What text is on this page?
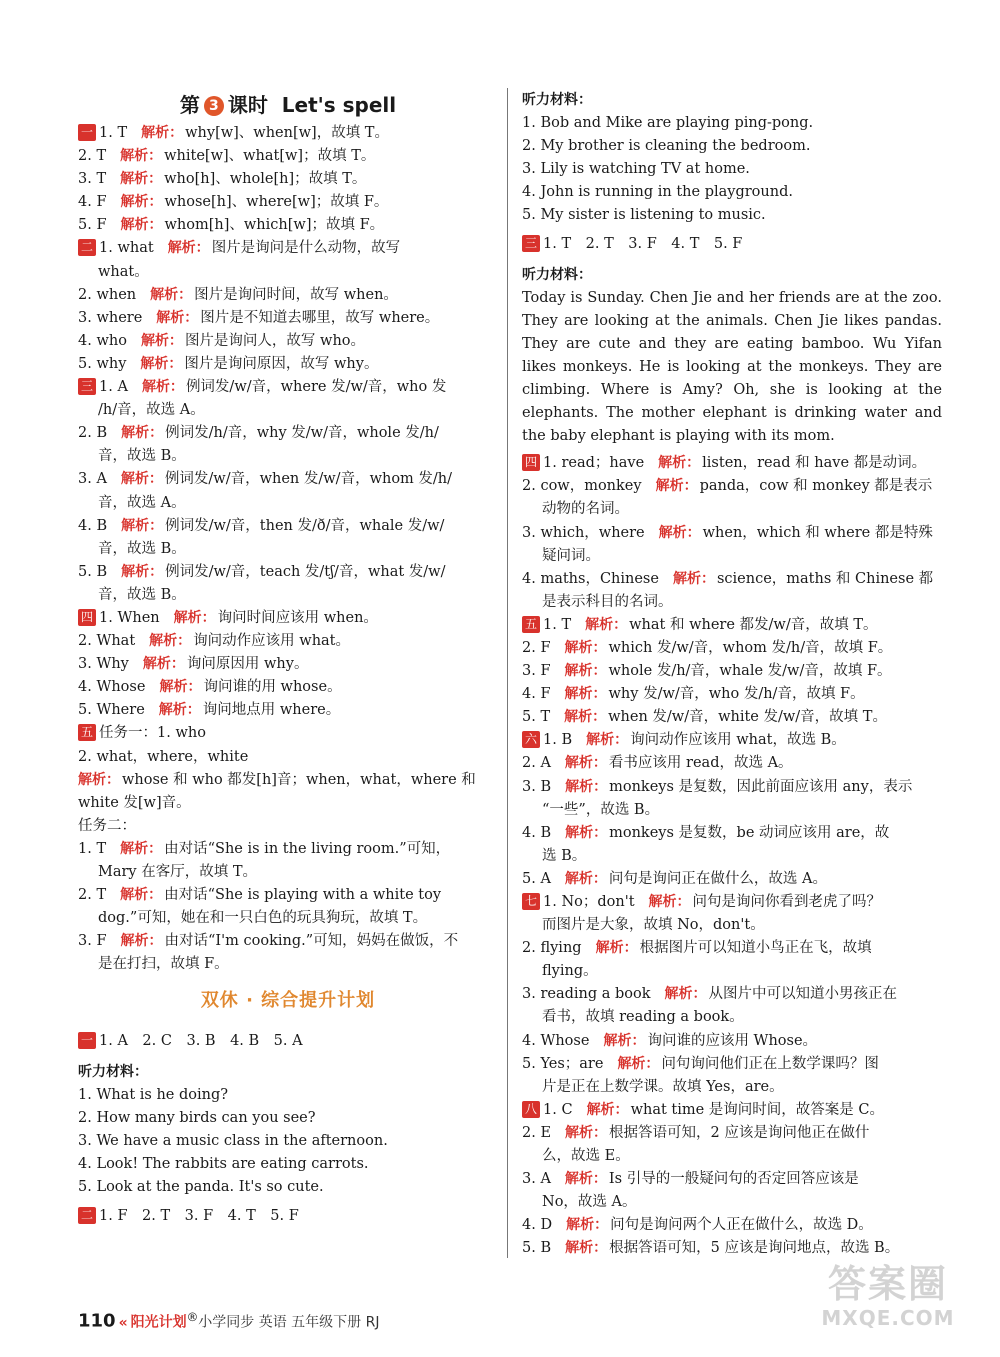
第 3 课时 Let's spell
一 1. T 解析： why[w]、when[w]，故填 T。
2. T 解析： white[w]、what[w]；故填 T。
3. T 解析： who[h]、whole[h]；故填 T。
4. F 解析： whose[h]、where[w]；故填 F。
5. F 解析： whom[h]、which[w]；故填 F。
二 1. what 解析： 图片是询问是什么动物，故写
what。
2. when 解析： 图片是询问时间，故写 when。
3. where 解析： 图片是不知道去哪里，故写 where。
4. who 解析： 图片是询问人，故写 who。
5. why 解析： 图片是询问原因，故写 why。
三 1. A 解析： 例词发/w/音，where 发/w/音，who 发
/h/音，故选 A。
2. B 解析： 例词发/h/音，why 发/w/音，whole 发/h/
音，故选 B。
3. A 解析： 例词发/w/音，when 发/w/音，whom 发/h/
音，故选 A。
4. B 解析： 例词发/w/音，then 发/ð/音，whale 发/w/
音，故选 B。
5. B 解析： 例词发/w/音，teach 发/tʃ/音，what 发/w/
音，故选 B。
四 1. When 解析： 询问时间应该用 when。
2. What 解析： 询问动作应该用 what。
3. Why 解析： 询问原因用 why。
4. Whose 解析： 询问谁的用 whose。
5. Where 解析： 询问地点用 where。
五 任务一：1. who
2. what，where，white
解析： whose 和 who 都发[h]音；when，what，where 和
white 发[w]音。
任务二：
1. T 解析： 由对话“She is in the living room.”可知，
Mary 在客厅，故填 T。
2. T 解析： 由对话“She is playing with a white toy
dog.”可知，她在和一只白色的玩具狗玩，故填 T。
3. F 解析： 由对话“I'm cooking.”可知，妈妈在做饭，不
是在打扫，故填 F。
双休 · 综合提升计划
一 1. A　2. C　3. B　4. B　5. A
听力材料：
1. What is he doing?
2. How many birds can you see?
3. We have a music class in the afternoon.
4. Look! The rabbits are eating carrots.
5. Look at the panda. It's so cute.
二 1. F　2. T　3. F　4. T　5. F
听力材料：
1. Bob and Mike are playing ping-pong.
2. My brother is cleaning the bedroom.
3. Lily is watching TV at home.
4. John is running in the playground.
5. My sister is listening to music.
三 1. T　2. T　3. F　4. T　5. F
听力材料：
Today is Sunday. Chen Jie and her friends are at the zoo. They are looking at the animals. Chen Jie likes pandas. They are cute and they are eating bamboo. Wu Yifan likes monkeys. He is looking at the monkeys. They are climbing. Where is Amy? Oh, she is looking at the elephants. The mother elephant is drinking water and the baby elephant is playing with its mom.
四 1. read；have 解析： listen，read 和 have 都是动词。
2. cow，monkey 解析： panda，cow 和 monkey 都是表示
动物的名词。
3. which，where 解析： when，which 和 where 都是特殊
疑问词。
4. maths，Chinese 解析： science，maths 和 Chinese 都
是表示科目的名词。
五 1. T 解析： what 和 where 都发/w/音，故填 T。
2. F 解析： which 发/w/音，whom 发/h/音，故填 F。
3. F 解析： whole 发/h/音，whale 发/w/音，故填 F。
4. F 解析： why 发/w/音，who 发/h/音，故填 F。
5. T 解析： when 发/w/音，white 发/w/音，故填 T。
六 1. B 解析： 询问动作应该用 what，故选 B。
2. A 解析： 看书应该用 read，故选 A。
3. B 解析： monkeys 是复数，因此前面应该用 any，表示
“一些”，故选 B。
4. B 解析： monkeys 是复数，be 动词应该用 are，故
选 B。
5. A 解析： 问句是询问正在做什么，故选 A。
七 1. No；don't 解析： 问句是询问你看到老虎了吗？
而图片是大象，故填 No，don't。
2. flying 解析： 根据图片可以知道小鸟正在飞，故填
flying。
3. reading a book 解析： 从图片中可以知道小男孩正在
看书，故填 reading a book。
4. Whose 解析： 询问谁的应该用 Whose。
5. Yes；are 解析： 问句询问他们正在上数学课吗？图
片是正在上数学课。故填 Yes，are。
八 1. C 解析： what time 是询问时间，故答案是 C。
2. E 解析： 根据答语可知，2 应该是询问他正在做什
么，故选 E。
3. A 解析： Is 引导的一般疑问句的否定回答应该是
No，故选 A。
4. D 解析： 问句是询问两个人正在做什么，故选 D。
5. B 解析： 根据答语可知，5 应该是询问地点，故选 B。
110 « 阳光计划®小学同步 英语 五年级下册 RJ
答案圈
MXQE.COM
